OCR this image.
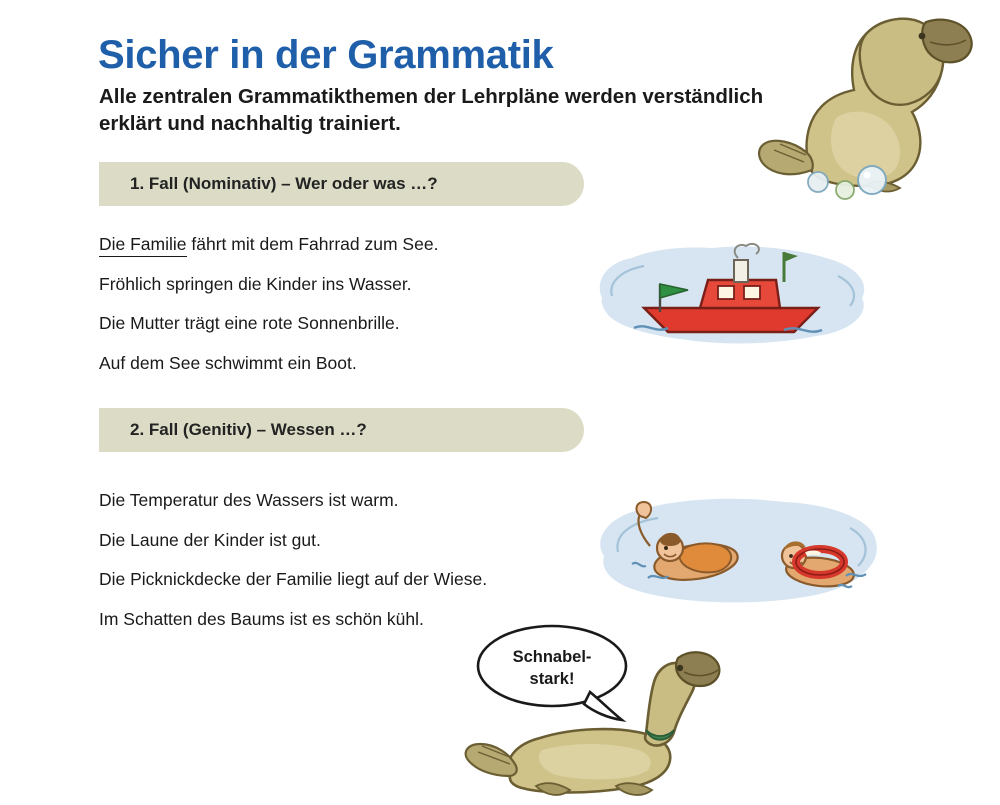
Sicher in der Grammatik

Alle zentralen Grammatikthemen der Lehrpläne werden verständlich erklärt und nachhaltig trainiert.

1. Fall (Nominativ) – Wer oder was …?
Die Familie fährt mit dem Fahrrad zum See.
Fröhlich springen die Kinder ins Wasser.
Die Mutter trägt eine rote Sonnenbrille.
Auf dem See schwimmt ein Boot.
2. Fall (Genitiv) – Wessen …?
Die Temperatur des Wassers ist warm.
Die Laune der Kinder ist gut.
Die Picknickdecke der Familie liegt auf der Wiese.
Im Schatten des Baums ist es schön kühl.
Schnabel-
stark!
